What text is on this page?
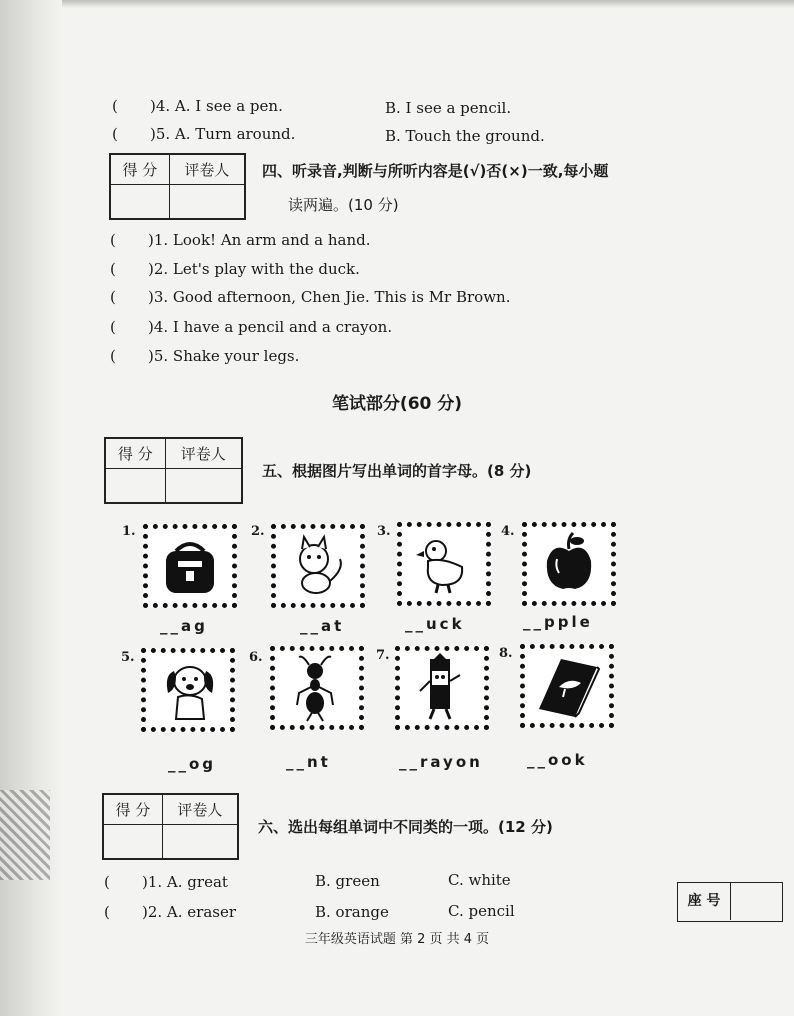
( )4. A. I see a pen.	B. I see a pencil.
( )5. A. Turn around.	B. Touch the ground.
得 分	评卷人
	四、听录音,判断与所听内容是(√)否(×)一致,每小题
读两遍。(10 分)
( )1. Look! An arm and a hand.
( )2. Let's play with the duck.
( )3. Good afternoon, Chen Jie. This is Mr Brown.
( )4. I have a pencil and a crayon.
( )5. Shake your legs.
笔试部分(60 分)
得 分	评卷人

五、根据图片写出单词的首字母。(8 分)
1.
__ag
2.
__at
3.
__uck
4.
__pple
5.
__og
6.
__nt
7.
__rayon
8.
__ook
得 分	评卷人

六、选出每组单词中不同类的一项。(12 分)
( )1. A. great	B. green	C. white
( )2. A. eraser	B. orange	C. pencil
座 号
三年级英语试题 第 2 页 共 4 页
